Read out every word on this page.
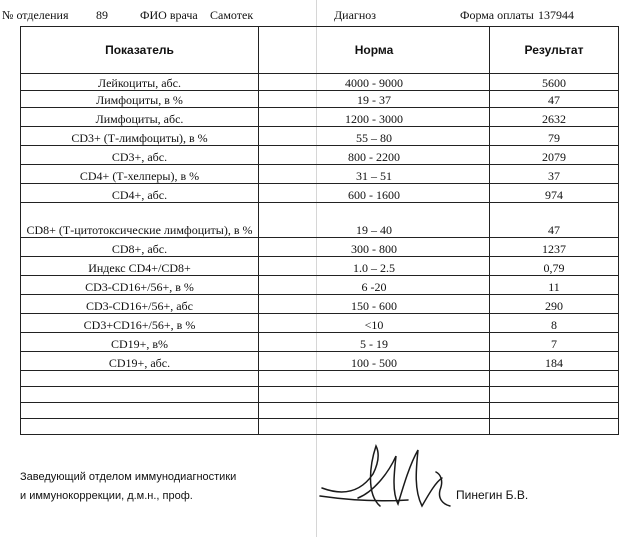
№ отделения 89	ФИО врача Самотек	Диагноз	Форма оплаты 137944
Показатель	Норма	Результат
Лейкоциты, абс.	4000 - 9000	5600
Лимфоциты, в %	19 - 37	47
Лимфоциты, абс.	1200 - 3000	2632
CD3+ (Т-лимфоциты), в %	55 – 80	79
CD3+, абс.	800 - 2200	2079
CD4+ (Т-хелперы), в %	31 – 51	37
CD4+, абс.	600 - 1600	974
CD8+ (Т-цитотоксические лимфоциты), в %	19 – 40	47
CD8+, абс.	300 - 800	1237
Индекс CD4+/CD8+	1.0 – 2.5	0,79
CD3-CD16+/56+, в %	6 -20	11
CD3-CD16+/56+, абс	150 - 600	290
CD3+CD16+/56+, в %	<10	8
CD19+, в%	5 - 19	7
CD19+, абс.	100 - 500	184

Заведующий отделом иммунодиагностики
и иммунокоррекции, д.м.н., проф.	Пинегин Б.В.
